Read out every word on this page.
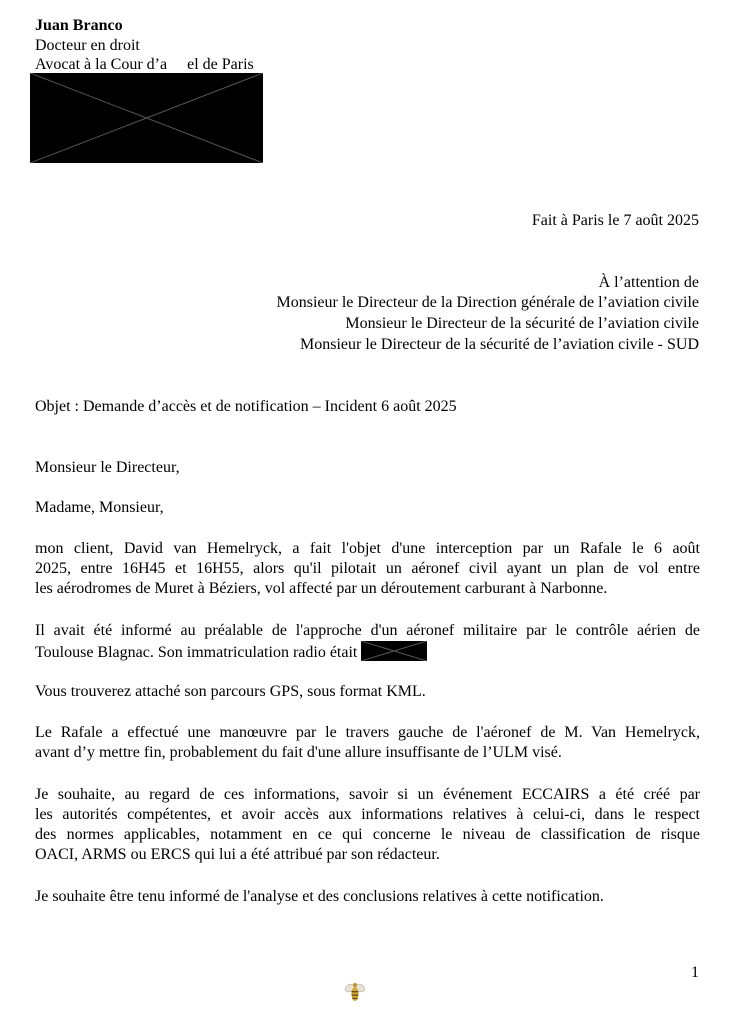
Juan Branco
Docteur en droit
Avocat à la Cour d’a     el de Paris
Fait à Paris le 7 août 2025
À l’attention de
Monsieur le Directeur de la Direction générale de l’aviation civile
Monsieur le Directeur de la sécurité de l’aviation civile
Monsieur le Directeur de la sécurité de l’aviation civile - SUD
Objet : Demande d’accès et de notification – Incident 6 août 2025
Monsieur le Directeur,
Madame, Monsieur,
mon client, David van Hemelryck, a fait l'objet d'une interception par un Rafale le 6 août
2025, entre 16H45 et 16H55, alors qu'il pilotait un aéronef civil ayant un plan de vol entre
les aérodromes de Muret à Béziers, vol affecté par un déroutement carburant à Narbonne.
Il avait été informé au préalable de l'approche d'un aéronef militaire par le contrôle aérien de
Toulouse Blagnac. Son immatriculation radio était
Vous trouverez attaché son parcours GPS, sous format KML.
Le Rafale a effectué une manœuvre par le travers gauche de l'aéronef de M. Van Hemelryck,
avant d’y mettre fin, probablement du fait d'une allure insuffisante de l’ULM visé.
Je souhaite, au regard de ces informations, savoir si un événement ECCAIRS a été créé par
les autorités compétentes, et avoir accès aux informations relatives à celui-ci, dans le respect
des normes applicables, notamment en ce qui concerne le niveau de classification de risque
OACI, ARMS ou ERCS qui lui a été attribué par son rédacteur.
Je souhaite être tenu informé de l'analyse et des conclusions relatives à cette notification.
1
